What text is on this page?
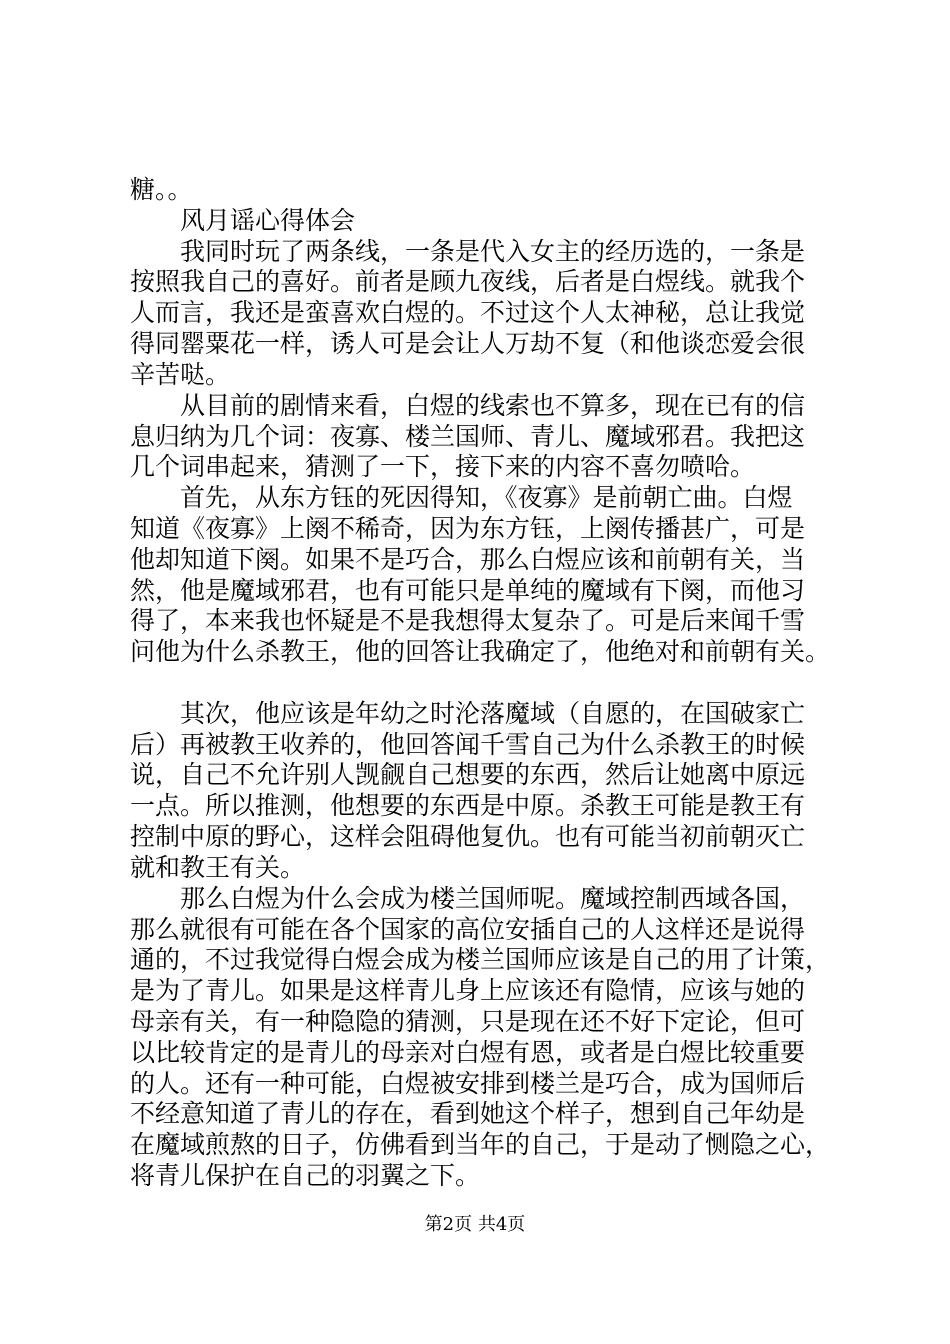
糖。。
　　风月谣心得体会
　　我同时玩了两条线，一条是代入女主的经历选的，一条是
按照我自己的喜好。前者是顾九夜线，后者是白煜线。就我个
人而言，我还是蛮喜欢白煜的。不过这个人太神秘，总让我觉
得同罂粟花一样，诱人可是会让人万劫不复（和他谈恋爱会很
辛苦哒。
　　从目前的剧情来看，白煜的线索也不算多，现在已有的信
息归纳为几个词：夜寡、楼兰国师、青儿、魔域邪君。我把这
几个词串起来，猜测了一下，接下来的内容不喜勿喷哈。
　　首先，从东方钰的死因得知，《夜寡》是前朝亡曲。白煜
知道《夜寡》上阕不稀奇，因为东方钰，上阕传播甚广，可是
他却知道下阕。如果不是巧合，那么白煜应该和前朝有关，当
然，他是魔域邪君，也有可能只是单纯的魔域有下阕，而他习
得了，本来我也怀疑是不是我想得太复杂了。可是后来闻千雪
问他为什么杀教王，他的回答让我确定了，他绝对和前朝有关。
　　其次，他应该是年幼之时沦落魔域（自愿的，在国破家亡
后）再被教王收养的，他回答闻千雪自己为什么杀教王的时候
说，自己不允许别人觊觎自己想要的东西，然后让她离中原远
一点。所以推测，他想要的东西是中原。杀教王可能是教王有
控制中原的野心，这样会阻碍他复仇。也有可能当初前朝灭亡
就和教王有关。
　　那么白煜为什么会成为楼兰国师呢。魔域控制西域各国，
那么就很有可能在各个国家的高位安插自己的人这样还是说得
通的，不过我觉得白煜会成为楼兰国师应该是自己的用了计策，
是为了青儿。如果是这样青儿身上应该还有隐情，应该与她的
母亲有关，有一种隐隐的猜测，只是现在还不好下定论，但可
以比较肯定的是青儿的母亲对白煜有恩，或者是白煜比较重要
的人。还有一种可能，白煜被安排到楼兰是巧合，成为国师后
不经意知道了青儿的存在，看到她这个样子，想到自己年幼是
在魔域煎熬的日子，仿佛看到当年的自己，于是动了恻隐之心，
将青儿保护在自己的羽翼之下。
第2页 共4页
